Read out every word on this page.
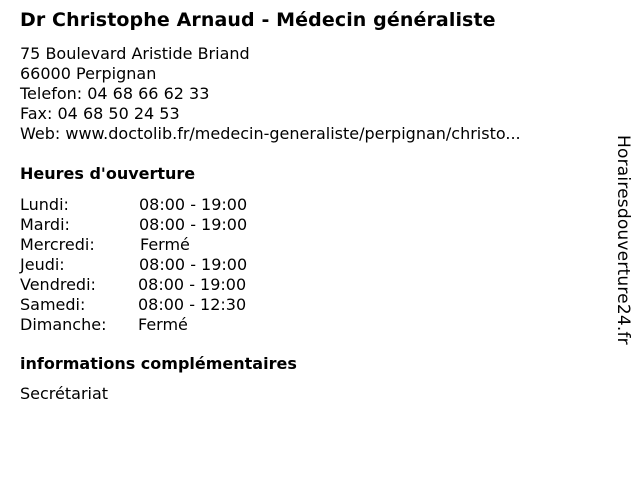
Dr Christophe Arnaud - Médecin généraliste
75 Boulevard Aristide Briand
66000 Perpignan
Telefon: 04 68 66 62 33
Fax: 04 68 50 24 53
Web: www.doctolib.fr/medecin-generaliste/perpignan/christo...
Heures d'ouverture
Lundi:	08:00 - 19:00
Mardi:	08:00 - 19:00
Mercredi:	Fermé
Jeudi:	08:00 - 19:00
Vendredi:	08:00 - 19:00
Samedi:	08:00 - 12:30
Dimanche: Fermé
informations complémentaires
Secrétariat
Horairesdouverture24.fr
